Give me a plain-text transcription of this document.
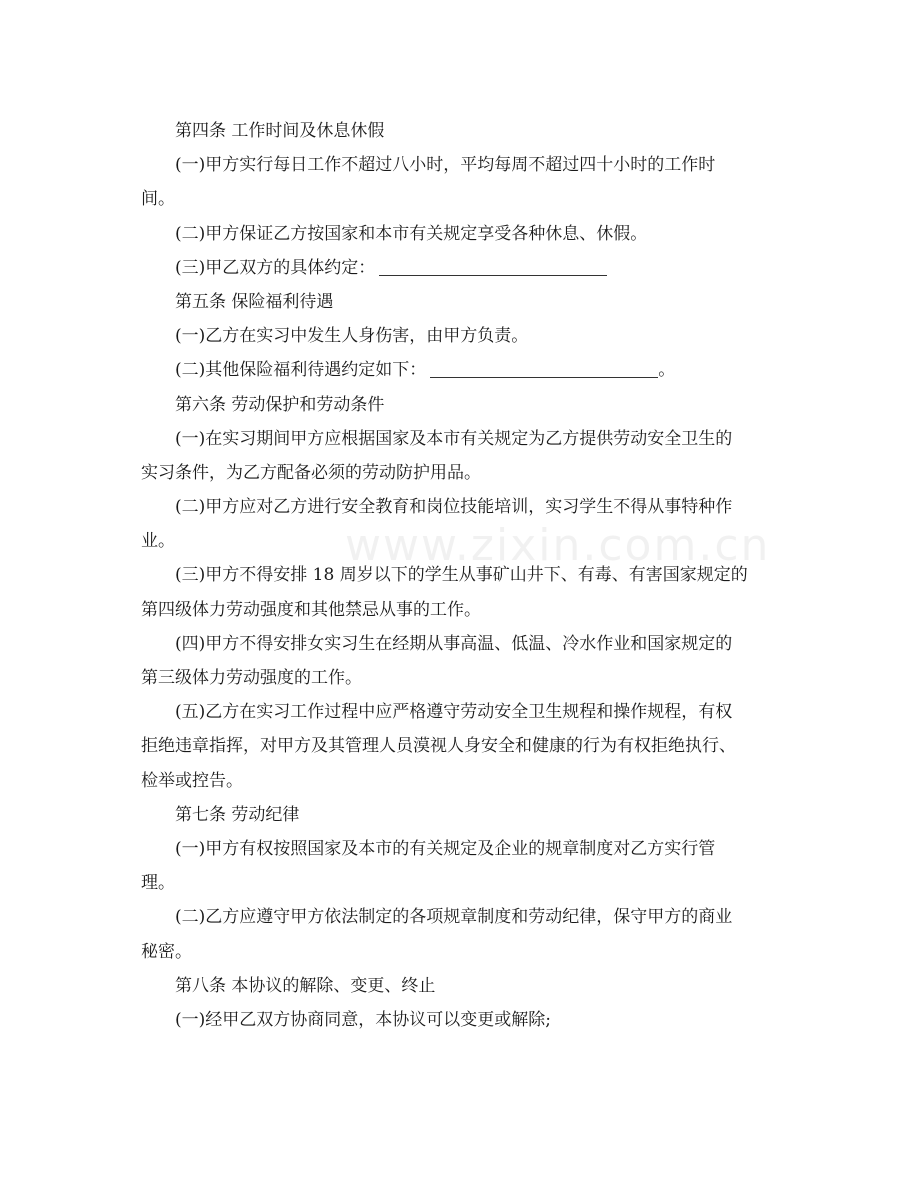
www.zixin.com.cn
第四条 工作时间及休息休假
(一)甲方实行每日工作不超过八小时，平均每周不超过四十小时的工作时
间。
(二)甲方保证乙方按国家和本市有关规定享受各种休息、休假。
(三)甲乙双方的具体约定：
第五条 保险福利待遇
(一)乙方在实习中发生人身伤害，由甲方负责。
(二)其他保险福利待遇约定如下：	。
第六条 劳动保护和劳动条件
(一)在实习期间甲方应根据国家及本市有关规定为乙方提供劳动安全卫生的
实习条件，为乙方配备必须的劳动防护用品。
(二)甲方应对乙方进行安全教育和岗位技能培训，实习学生不得从事特种作
业。
(三)甲方不得安排 18 周岁以下的学生从事矿山井下、有毒、有害国家规定的
第四级体力劳动强度和其他禁忌从事的工作。
(四)甲方不得安排女实习生在经期从事高温、低温、冷水作业和国家规定的
第三级体力劳动强度的工作。
(五)乙方在实习工作过程中应严格遵守劳动安全卫生规程和操作规程，有权
拒绝违章指挥，对甲方及其管理人员漠视人身安全和健康的行为有权拒绝执行、
检举或控告。
第七条 劳动纪律
(一)甲方有权按照国家及本市的有关规定及企业的规章制度对乙方实行管
理。
(二)乙方应遵守甲方依法制定的各项规章制度和劳动纪律，保守甲方的商业
秘密。
第八条 本协议的解除、变更、终止
(一)经甲乙双方协商同意，本协议可以变更或解除;
